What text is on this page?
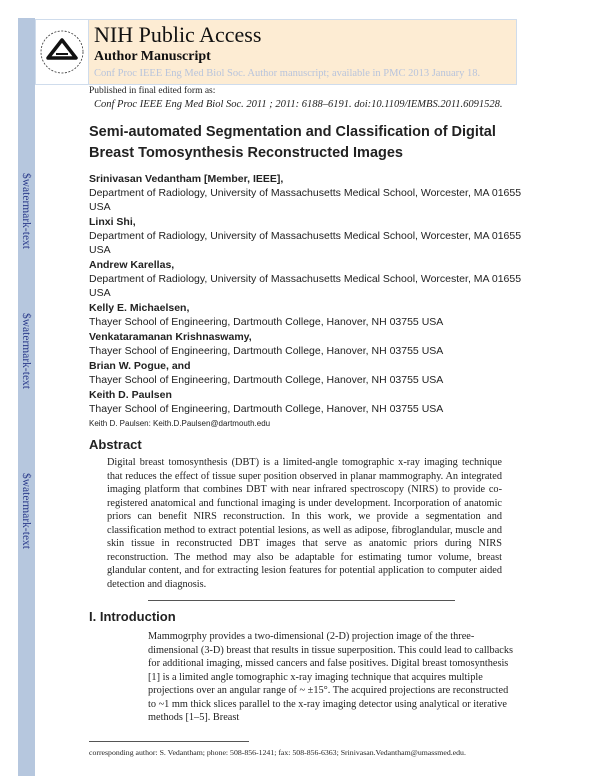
$watermark-text
$watermark-text
$watermark-text
NIH Public Access
Author Manuscript
Conf Proc IEEE Eng Med Biol Soc. Author manuscript; available in PMC 2013 January 18.
Published in final edited form as:
Conf Proc IEEE Eng Med Biol Soc. 2011 ; 2011: 6188–6191. doi:10.1109/IEMBS.2011.6091528.
Semi-automated Segmentation and Classification of Digital Breast Tomosynthesis Reconstructed Images
Srinivasan Vedantham [Member, IEEE],
Department of Radiology, University of Massachusetts Medical School, Worcester, MA 01655
USA
Linxi Shi,
Department of Radiology, University of Massachusetts Medical School, Worcester, MA 01655
USA
Andrew Karellas,
Department of Radiology, University of Massachusetts Medical School, Worcester, MA 01655
USA
Kelly E. Michaelsen,
Thayer School of Engineering, Dartmouth College, Hanover, NH 03755 USA
Venkataramanan Krishnaswamy,
Thayer School of Engineering, Dartmouth College, Hanover, NH 03755 USA
Brian W. Pogue, and
Thayer School of Engineering, Dartmouth College, Hanover, NH 03755 USA
Keith D. Paulsen
Thayer School of Engineering, Dartmouth College, Hanover, NH 03755 USA
Keith D. Paulsen: Keith.D.Paulsen@dartmouth.edu
Abstract
Digital breast tomosynthesis (DBT) is a limited-angle tomographic x-ray imaging technique that reduces the effect of tissue super position observed in planar mammography. An integrated imaging platform that combines DBT with near infrared spectroscopy (NIRS) to provide co-registered anatomical and functional imaging is under development. Incorporation of anatomic priors can benefit NIRS reconstruction. In this work, we provide a segmentation and classification method to extract potential lesions, as well as adipose, fibroglandular, muscle and skin tissue in reconstructed DBT images that serve as anatomic priors during NIRS reconstruction. The method may also be adaptable for estimating tumor volume, breast glandular content, and for extracting lesion features for potential application to computer aided detection and diagnosis.
I. Introduction
Mammogrphy provides a two-dimensional (2-D) projection image of the three-dimensional (3-D) breast that results in tissue superposition. This could lead to callbacks for additional imaging, missed cancers and false positives. Digital breast tomosynthesis [1] is a limited angle tomographic x-ray imaging technique that acquires multiple projections over an angular range of ~ ±15°. The acquired projections are reconstructed to ~1 mm thick slices parallel to the x-ray imaging detector using analytical or iterative methods [1–5]. Breast
corresponding author: S. Vedantham; phone: 508-856-1241; fax: 508-856-6363; Srinivasan.Vedantham@umassmed.edu.
